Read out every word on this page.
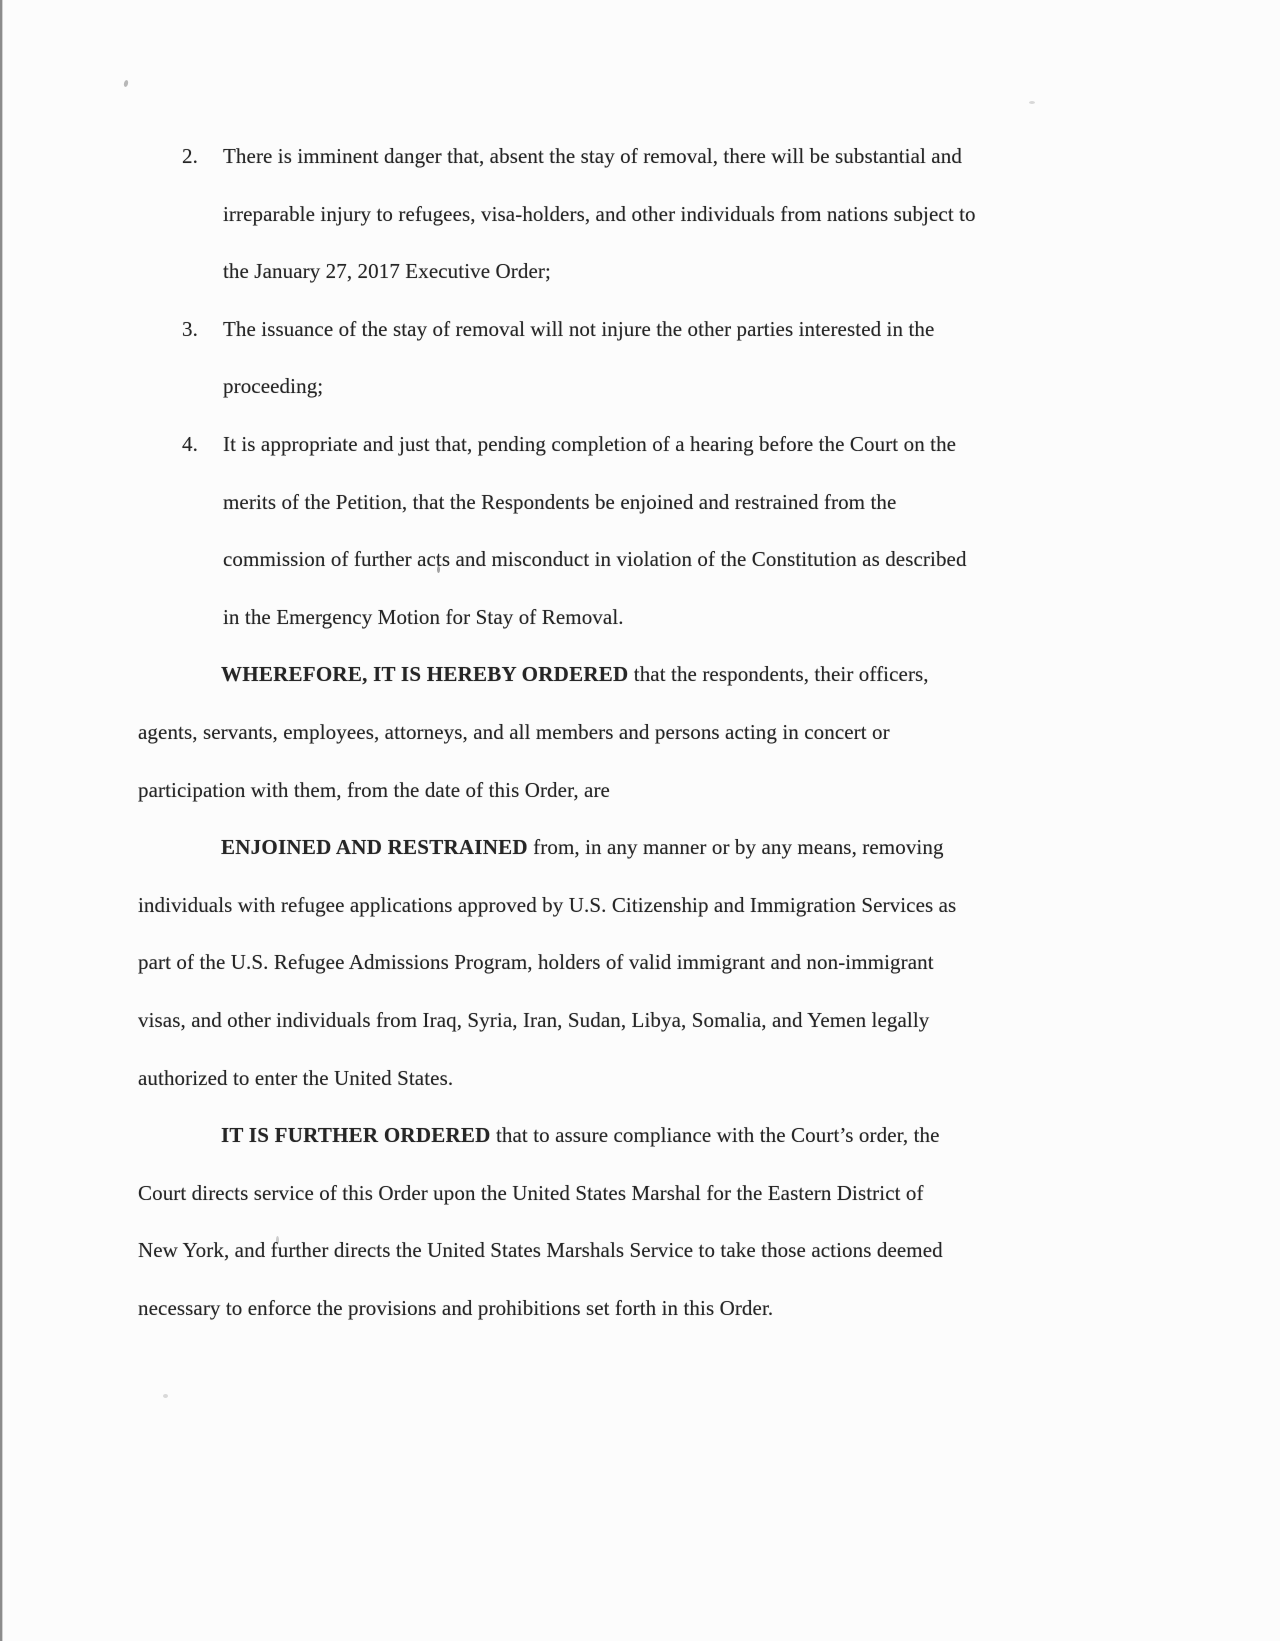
2. There is imminent danger that, absent the stay of removal, there will be substantial and
irreparable injury to refugees, visa-holders, and other individuals from nations subject to
the January 27, 2017 Executive Order;
3. The issuance of the stay of removal will not injure the other parties interested in the
proceeding;
4. It is appropriate and just that, pending completion of a hearing before the Court on the
merits of the Petition, that the Respondents be enjoined and restrained from the
commission of further acts and misconduct in violation of the Constitution as described
in the Emergency Motion for Stay of Removal.
WHEREFORE, IT IS HEREBY ORDERED that the respondents, their officers,
agents, servants, employees, attorneys, and all members and persons acting in concert or
participation with them, from the date of this Order, are
ENJOINED AND RESTRAINED from, in any manner or by any means, removing
individuals with refugee applications approved by U.S. Citizenship and Immigration Services as
part of the U.S. Refugee Admissions Program, holders of valid immigrant and non-immigrant
visas, and other individuals from Iraq, Syria, Iran, Sudan, Libya, Somalia, and Yemen legally
authorized to enter the United States.
IT IS FURTHER ORDERED that to assure compliance with the Court’s order, the
Court directs service of this Order upon the United States Marshal for the Eastern District of
New York, and further directs the United States Marshals Service to take those actions deemed
necessary to enforce the provisions and prohibitions set forth in this Order.
